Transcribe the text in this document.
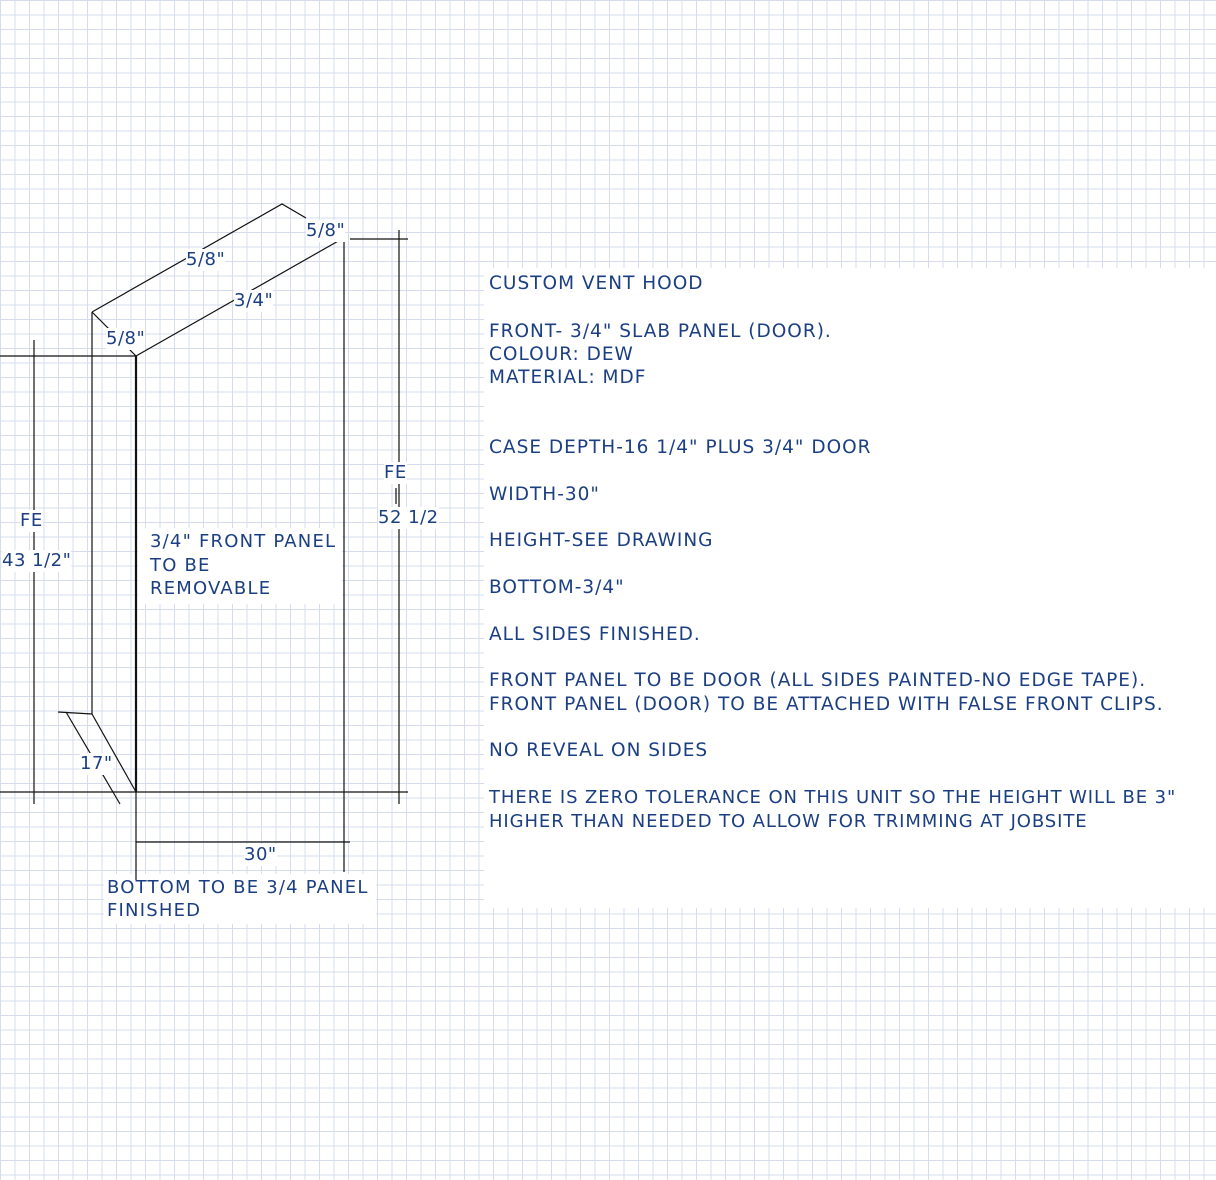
5/8"
5/8"
3/4"
5/8"
FE
43 1/2"
FE
52 1/2
17"
30"
3/4" FRONT PANEL
TO BE
REMOVABLE
BOTTOM TO BE 3/4 PANEL
FINISHED
CUSTOM VENT HOOD
FRONT- 3/4" SLAB PANEL (DOOR).
COLOUR: DEW
MATERIAL: MDF
CASE DEPTH-16 1/4" PLUS 3/4" DOOR
WIDTH-30"
HEIGHT-SEE DRAWING
BOTTOM-3/4"
ALL SIDES FINISHED.
FRONT PANEL TO BE DOOR (ALL SIDES PAINTED-NO EDGE TAPE).
FRONT PANEL (DOOR) TO BE ATTACHED WITH FALSE FRONT CLIPS.
NO REVEAL ON SIDES
THERE IS ZERO TOLERANCE ON THIS UNIT SO THE HEIGHT WILL BE 3"
HIGHER THAN NEEDED TO ALLOW FOR TRIMMING AT JOBSITE
